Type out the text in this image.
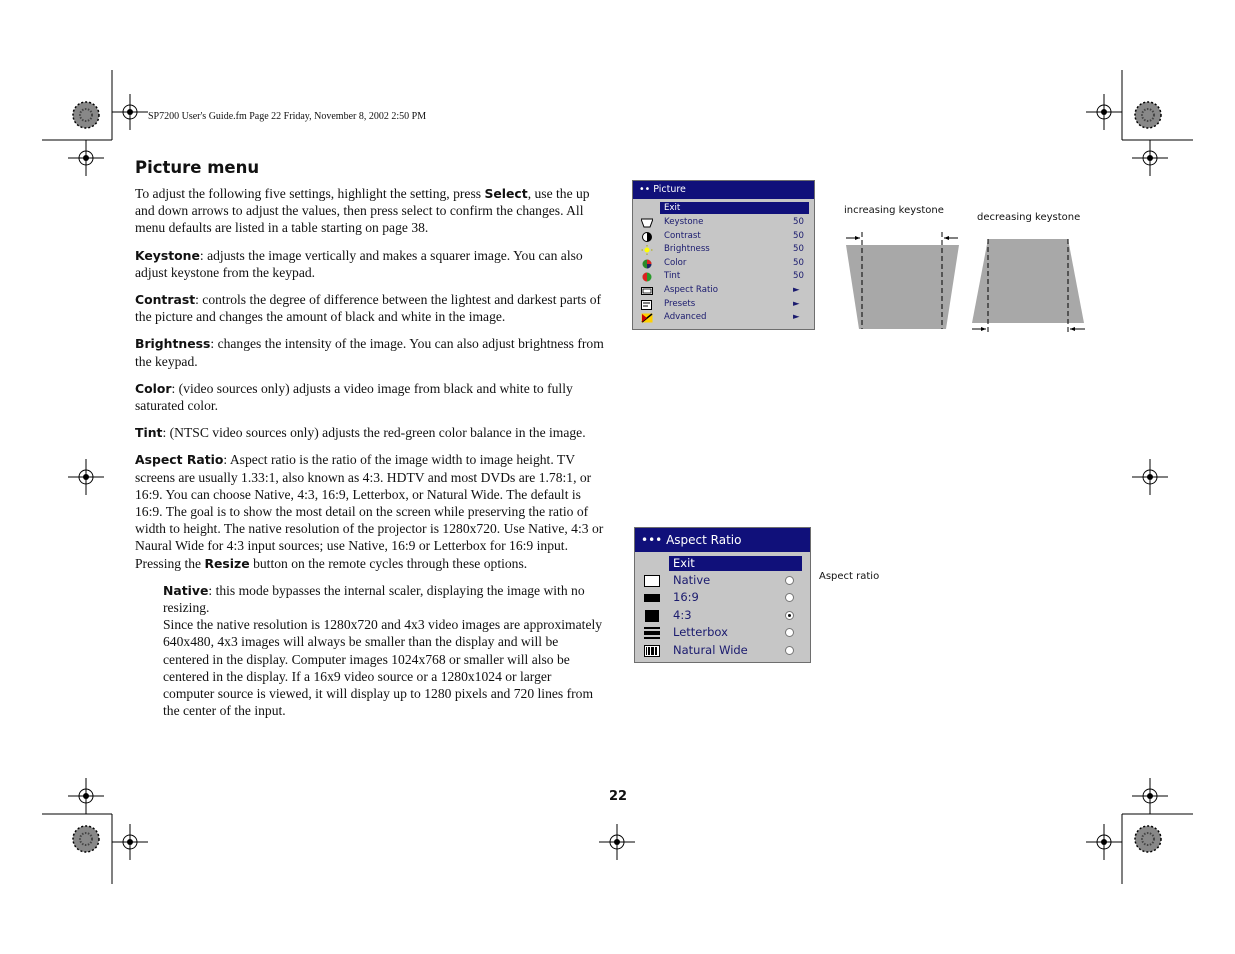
SP7200 User's Guide.fm Page 22 Friday, November 8, 2002 2:50 PM
Picture menu

To adjust the following five settings, highlight the setting, press Select, use the up and down arrows to adjust the values, then press select to confirm the changes. All menu defaults are listed in a table starting on page 38.

Keystone: adjusts the image vertically and makes a squarer image. You can also adjust keystone from the keypad.

Contrast: controls the degree of difference between the lightest and darkest parts of the picture and changes the amount of black and white in the image.

Brightness: changes the intensity of the image. You can also adjust brightness from the keypad.

Color: (video sources only) adjusts a video image from black and white to fully saturated color.

Tint: (NTSC video sources only) adjusts the red-green color balance in the image.

Aspect Ratio: Aspect ratio is the ratio of the image width to image height. TV screens are usually 1.33:1, also known as 4:3. HDTV and most DVDs are 1.78:1, or 16:9. You can choose Native, 4:3, 16:9, Letterbox, or Natural Wide. The default is 16:9. The goal is to show the most detail on the screen while preserving the ratio of width to height. The native resolution of the projector is 1280x720. Use Native, 4:3 or Naural Wide for 4:3 input sources; use Native, 16:9 or Letterbox for 16:9 input. Pressing the Resize button on the remote cycles through these options.

Native: this mode bypasses the internal scaler, displaying the image with no resizing.

Since the native resolution is 1280x720 and 4x3 video images are approximately 640x480, 4x3 images will always be smaller than the display and will be centered in the display. Computer images 1024x768 or smaller will also be centered in the display. If a 16x9 video source or a 1280x1024 or larger computer source is viewed, it will display up to 1280 pixels and 720 lines from the center of the input.

•• Picture
Exit
Keystone	50
Contrast	50
Brightness	50
Color	50
Tint	50
Aspect Ratio	►
Presets	►
Advanced	►
increasing keystone
decreasing keystone
••• Aspect Ratio
Exit
Native
16:9
4:3
Letterbox
Natural Wide
Aspect ratio
22
